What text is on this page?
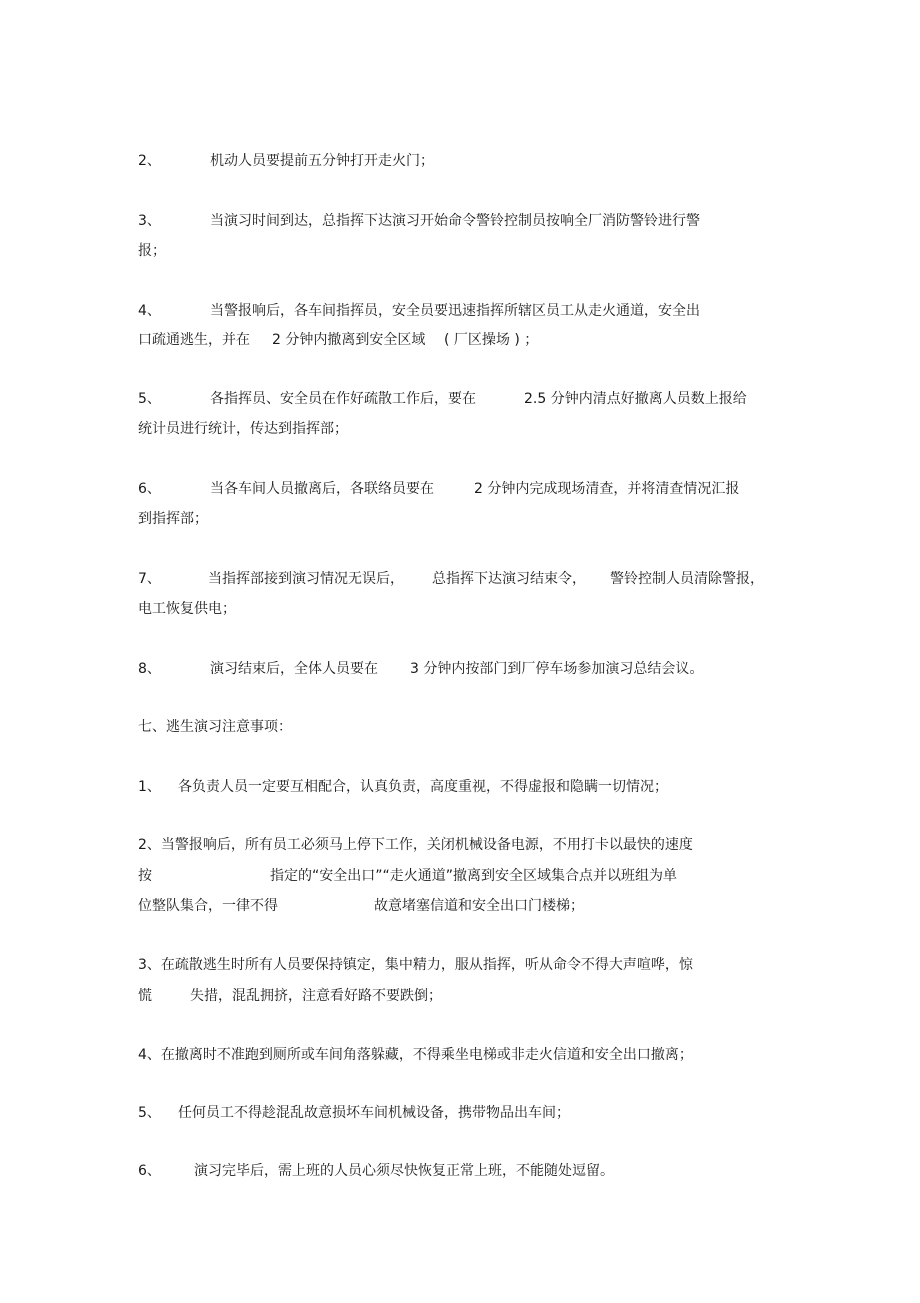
2、	机动人员要提前五分钟打开走火门；
3、	当演习时间到达，总指挥下达演习开始命令警铃控制员按响全厂消防警铃进行警
报；
4、	当警报响后，各车间指挥员，安全员要迅速指挥所辖区员工从走火通道，安全出
口疏通逃生，并在 2 分钟内撤离到安全区域 ( 厂区操场 ) ；
5、	各指挥员、安全员在作好疏散工作后，要在	2.5 分钟内清点好撤离人员数上报给
统计员进行统计，传达到指挥部；
6、	当各车间人员撤离后，各联络员要在	2 分钟内完成现场清查，并将清查情况汇报
到指挥部；
7、	当指挥部接到演习情况无误后， 总指挥下达演习结束令， 警铃控制人员清除警报，
电工恢复供电；
8、	演习结束后，全体人员要在 3 分钟内按部门到厂停车场参加演习总结会议。
七、逃生演习注意事项：
1、 各负责人员一定要互相配合，认真负责，高度重视，不得虚报和隐瞒一切情况；
2、当警报响后，所有员工必须马上停下工作，关闭机械设备电源，不用打卡以最快的速度
按	指定的“安全出口”“走火通道”撤离到安全区域集合点并以班组为单
位整队集合，一律不得	故意堵塞信道和安全出口门楼梯；
3、在疏散逃生时所有人员要保持镇定，集中精力，服从指挥，听从命令不得大声喧哗，惊
慌	失措，混乱拥挤，注意看好路不要跌倒；
4、在撤离时不准跑到厕所或车间角落躲藏，不得乘坐电梯或非走火信道和安全出口撤离；
5、 任何员工不得趁混乱故意损坏车间机械设备，携带物品出车间；
6、 演习完毕后，需上班的人员心须尽快恢复正常上班，不能随处逗留。
